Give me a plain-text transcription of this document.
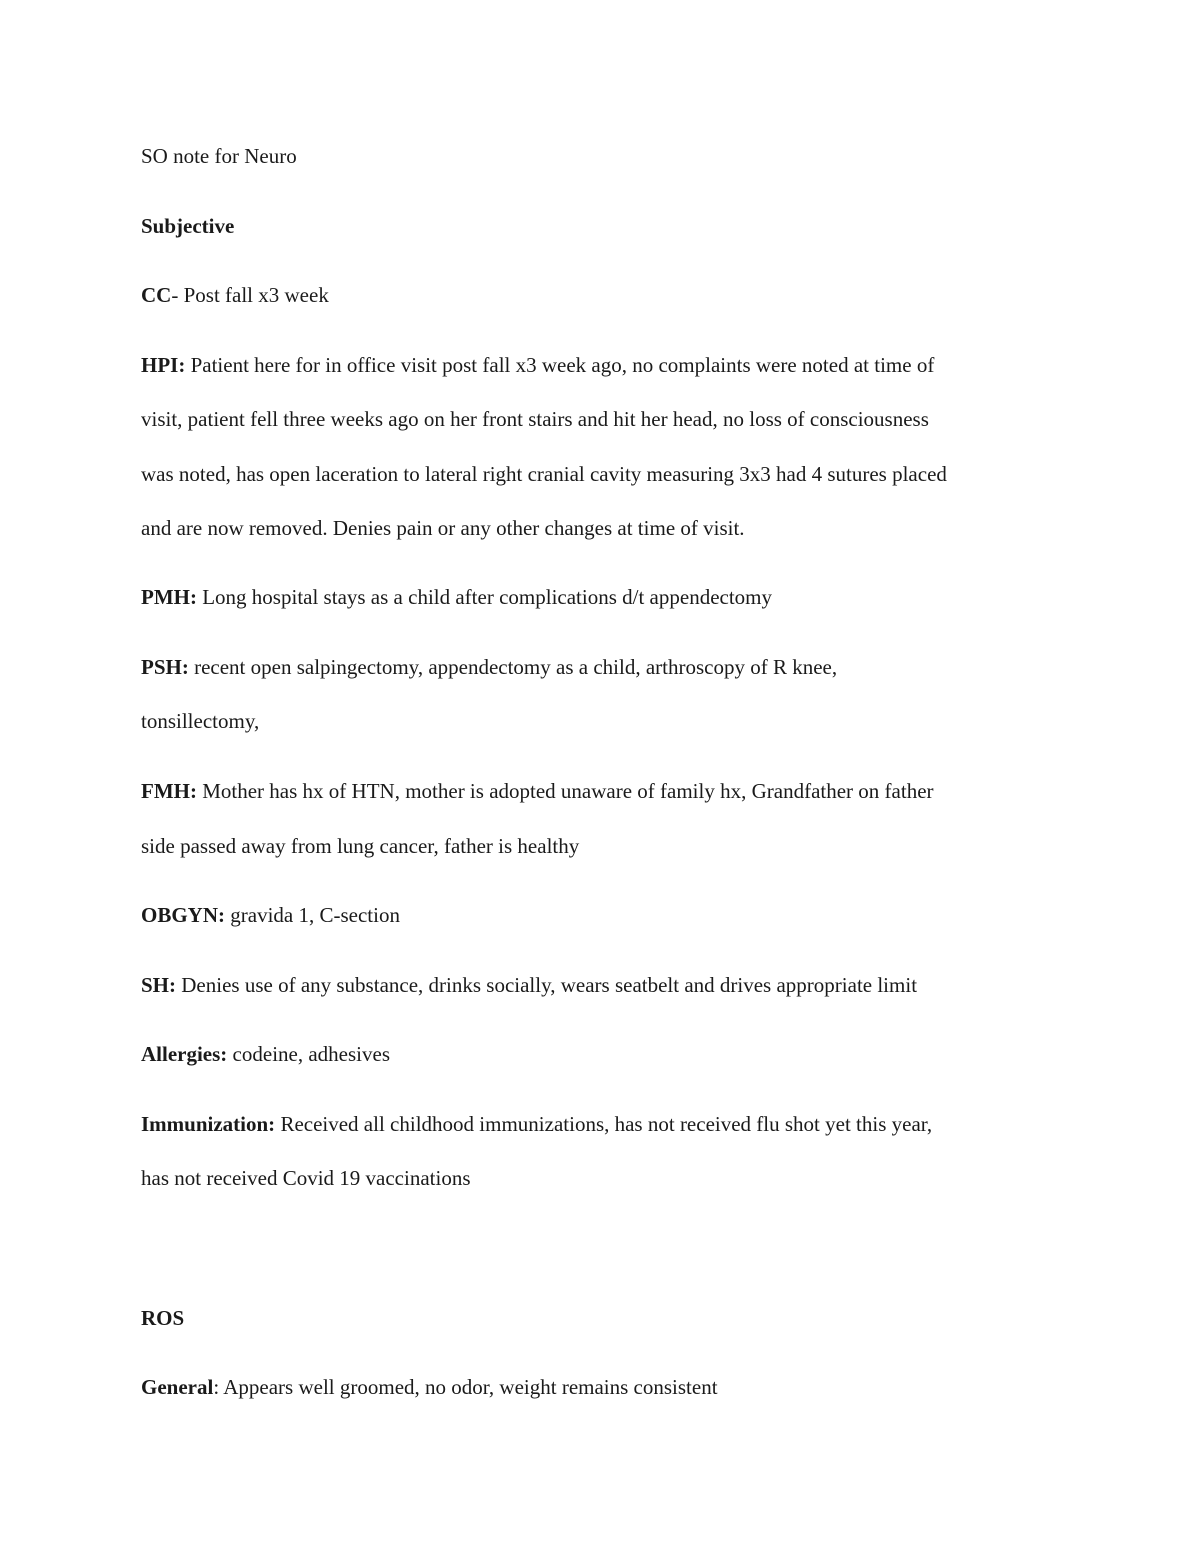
SO note for Neuro
Subjective
CC- Post fall x3 week
HPI: Patient here for in office visit post fall x3 week ago, no complaints were noted at time of
visit, patient fell three weeks ago on her front stairs and hit her head, no loss of consciousness
was noted, has open laceration to lateral right cranial cavity measuring 3x3 had 4 sutures placed
and are now removed. Denies pain or any other changes at time of visit.
PMH: Long hospital stays as a child after complications d/t appendectomy
PSH: recent open salpingectomy, appendectomy as a child, arthroscopy of R knee,
tonsillectomy,
FMH: Mother has hx of HTN, mother is adopted unaware of family hx, Grandfather on father
side passed away from lung cancer, father is healthy
OBGYN: gravida 1, C-section
SH: Denies use of any substance, drinks socially, wears seatbelt and drives appropriate limit
Allergies: codeine, adhesives
Immunization: Received all childhood immunizations, has not received flu shot yet this year,
has not received Covid 19 vaccinations
ROS
General: Appears well groomed, no odor, weight remains consistent
